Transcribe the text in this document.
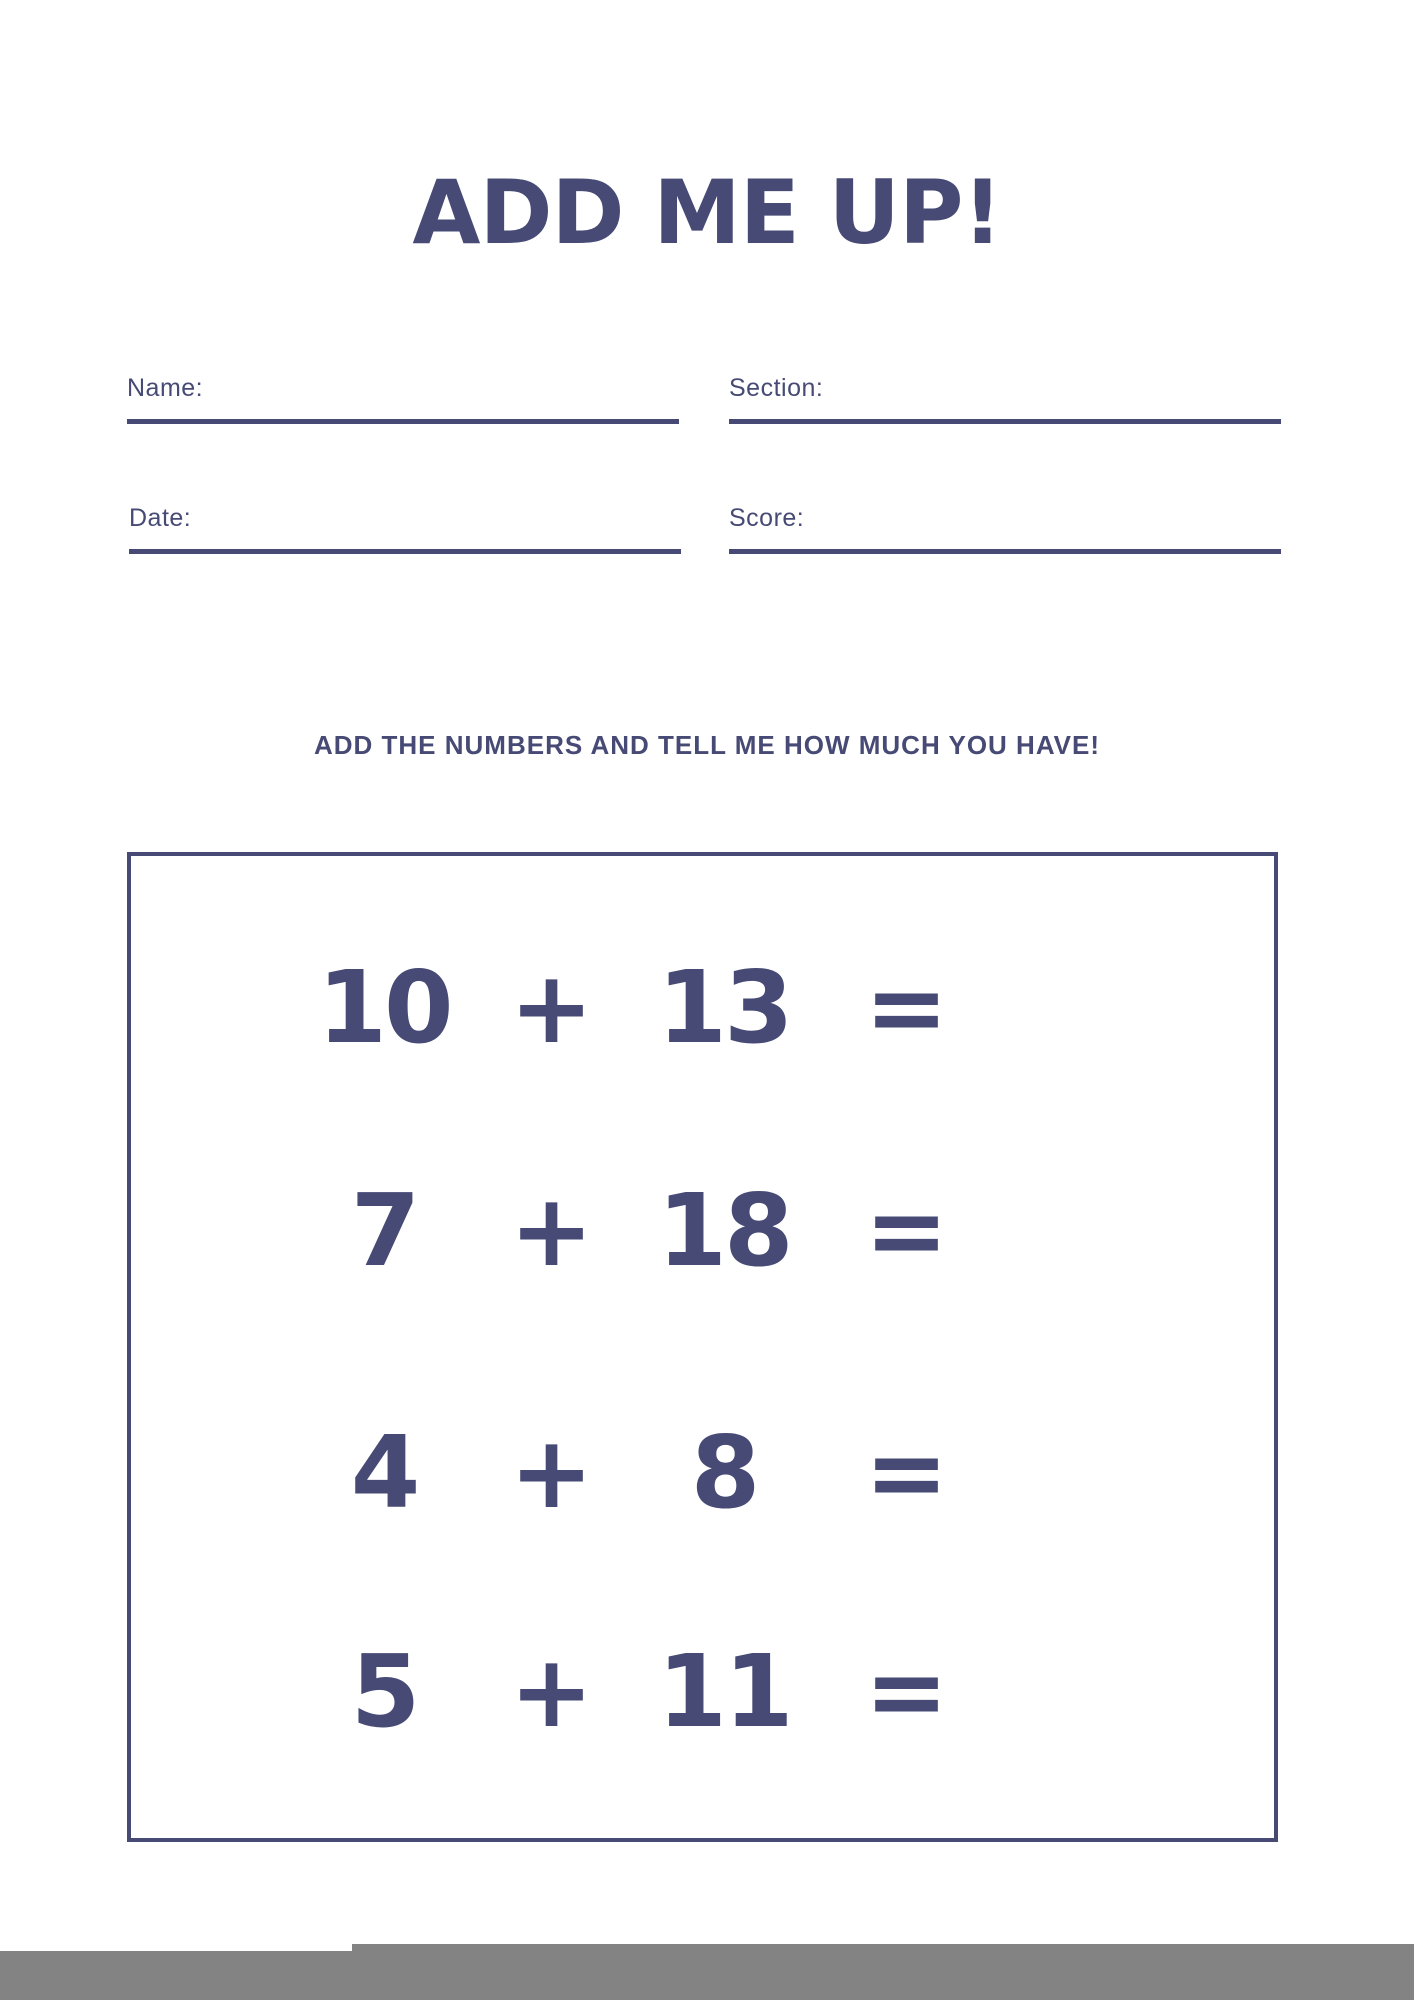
ADD ME UP!
Name:	Section:
Date:	Score:
ADD THE NUMBERS AND TELL ME HOW MUCH YOU HAVE!
10 + 13 =
7 + 18 =
4 +	8	=
5 + 11 =
